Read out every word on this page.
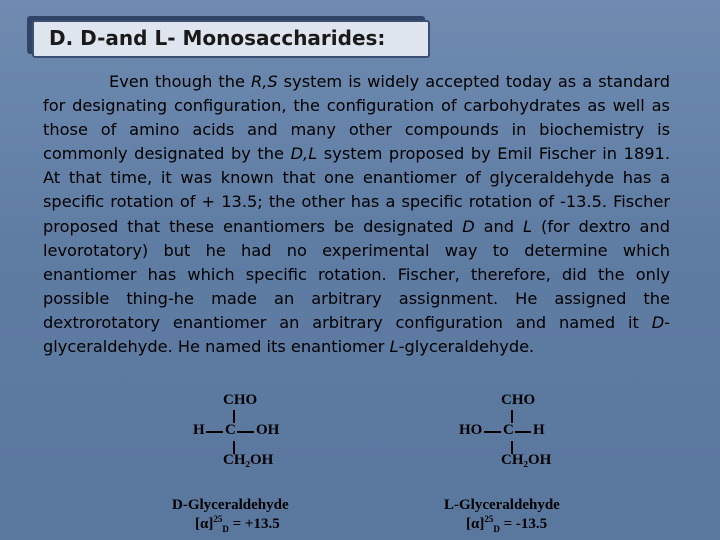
D. D-and L- Monosaccharides:

Even though the R,S system is widely accepted today as a standard for designating configuration, the configuration of carbohydrates as well as those of amino acids and many other compounds in biochemistry is commonly designated by the D,L system proposed by Emil Fischer in 1891. At that time, it was known that one enantiomer of glyceraldehyde has a specific rotation of + 13.5; the other has a specific rotation of -13.5. Fischer proposed that these enantiomers be designated D and L (for dextro and levorotatory) but he had no experimental way to determine which enantiomer has which specific rotation. Fischer, therefore, did the only possible thing-he made an arbitrary assignment. He assigned the dextrorotatory enantiomer an arbitrary configuration and named it D-glyceraldehyde. He named its enantiomer L-glyceraldehyde.

CHO
H C OH
CH₂OH
D-Glyceraldehyde
$[\alpha]^{25}_D = +13.5$
CHO
HO C H
CH₂OH
L-Glyceraldehyde
$[\alpha]^{25}_D = -13.5$
